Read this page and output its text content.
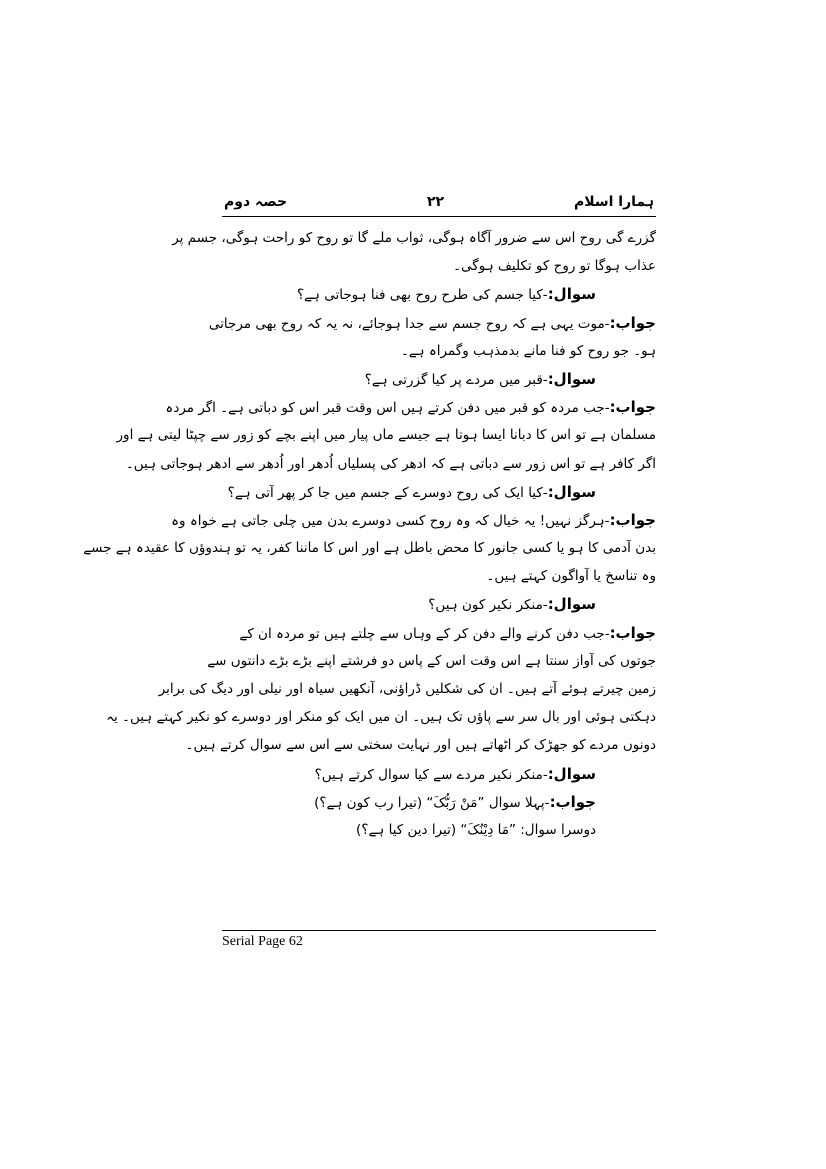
ہمارا اسلام
۲۲
حصہ دوم
گزرے گی روح اس سے ضرور آگاہ ہوگی، ثواب ملے گا تو روح کو راحت ہوگی، جسم پر
عذاب ہوگا تو روح کو تکلیف ہوگی۔
سوال:-کیا جسم کی طرح روح بھی فنا ہوجاتی ہے؟
جواب:-موت یہی ہے کہ روح جسم سے جدا ہوجائے، نہ یہ کہ روح بھی مرجاتی
ہو۔ جو روح کو فنا مانے بدمذہب وگمراہ ہے۔
سوال:-قبر میں مردے پر کیا گزرتی ہے؟
جواب:-جب مردہ کو قبر میں دفن کرتے ہیں اس وقت قبر اس کو دباتی ہے۔ اگر مردہ
مسلمان ہے تو اس کا دبانا ایسا ہوتا ہے جیسے ماں پیار میں اپنے بچے کو زور سے چپٹا لیتی ہے اور
اگر کافر ہے تو اس زور سے دباتی ہے کہ ادھر کی پسلیاں اُدھر اور اُدھر سے ادھر ہوجاتی ہیں۔
سوال:-کیا ایک کی روح دوسرے کے جسم میں جا کر پھر آتی ہے؟
جواب:-ہرگز نہیں! یہ خیال کہ وہ روح کسی دوسرے بدن میں چلی جاتی ہے خواہ وہ
بدن آدمی کا ہو یا کسی جانور کا محض باطل ہے اور اس کا ماننا کفر، یہ تو ہندوؤں کا عقیدہ ہے جسے
وہ تناسخ یا آواگون کہتے ہیں۔
سوال:-منکر نکیر کون ہیں؟
جواب:-جب دفن کرنے والے دفن کر کے وہاں سے چلتے ہیں تو مردہ ان کے
جوتوں کی آواز سنتا ہے اس وقت اس کے پاس دو فرشتے اپنے بڑے بڑے دانتوں سے
زمین چیرتے ہوئے آتے ہیں۔ ان کی شکلیں ڈراؤنی، آنکھیں سیاہ اور نیلی اور دیگ کی برابر
دہکتی ہوئی اور بال سر سے پاؤں تک ہیں۔ ان میں ایک کو منکر اور دوسرے کو نکیر کہتے ہیں۔ یہ
دونوں مردے کو جھڑک کر اٹھاتے ہیں اور نہایت سختی سے اس سے سوال کرتے ہیں۔
سوال:-منکر نکیر مردے سے کیا سوال کرتے ہیں؟
جواب:-پہلا سوال ”مَنْ رَبُّکَ“ (تیرا رب کون ہے؟)
دوسرا سوال: ”مَا دِیْنُکَ“ (تیرا دین کیا ہے؟)
Serial Page 62
